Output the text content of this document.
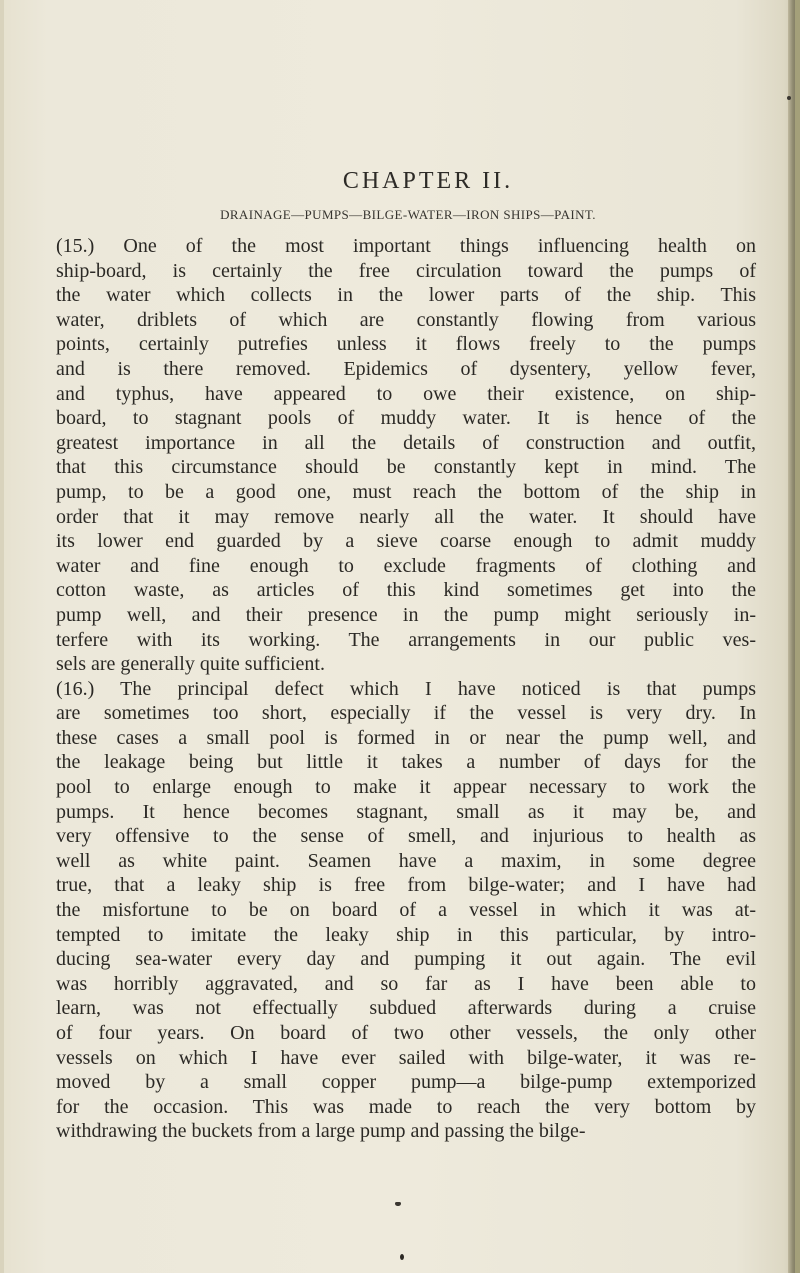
CHAPTER II.
DRAINAGE—PUMPS—BILGE-WATER—IRON SHIPS—PAINT.

(15.) One of the most important things influencing health on
ship-board, is certainly the free circulation toward the pumps of
the water which collects in the lower parts of the ship. This
water, driblets of which are constantly flowing from various
points, certainly putrefies unless it flows freely to the pumps
and is there removed. Epidemics of dysentery, yellow fever,
and typhus, have appeared to owe their existence, on ship-
board, to stagnant pools of muddy water. It is hence of the
greatest importance in all the details of construction and outfit,
that this circumstance should be constantly kept in mind. The
pump, to be a good one, must reach the bottom of the ship in
order that it may remove nearly all the water. It should have
its lower end guarded by a sieve coarse enough to admit muddy
water and fine enough to exclude fragments of clothing and
cotton waste, as articles of this kind sometimes get into the
pump well, and their presence in the pump might seriously in-
terfere with its working. The arrangements in our public ves-
sels are generally quite sufficient.

(16.) The principal defect which I have noticed is that pumps
are sometimes too short, especially if the vessel is very dry. In
these cases a small pool is formed in or near the pump well, and
the leakage being but little it takes a number of days for the
pool to enlarge enough to make it appear necessary to work the
pumps. It hence becomes stagnant, small as it may be, and
very offensive to the sense of smell, and injurious to health as
well as white paint. Seamen have a maxim, in some degree
true, that a leaky ship is free from bilge-water; and I have had
the misfortune to be on board of a vessel in which it was at-
tempted to imitate the leaky ship in this particular, by intro-
ducing sea-water every day and pumping it out again. The evil
was horribly aggravated, and so far as I have been able to
learn, was not effectually subdued afterwards during a cruise
of four years. On board of two other vessels, the only other
vessels on which I have ever sailed with bilge-water, it was re-
moved by a small copper pump—a bilge-pump extemporized
for the occasion. This was made to reach the very bottom by
withdrawing the buckets from a large pump and passing the bilge-
